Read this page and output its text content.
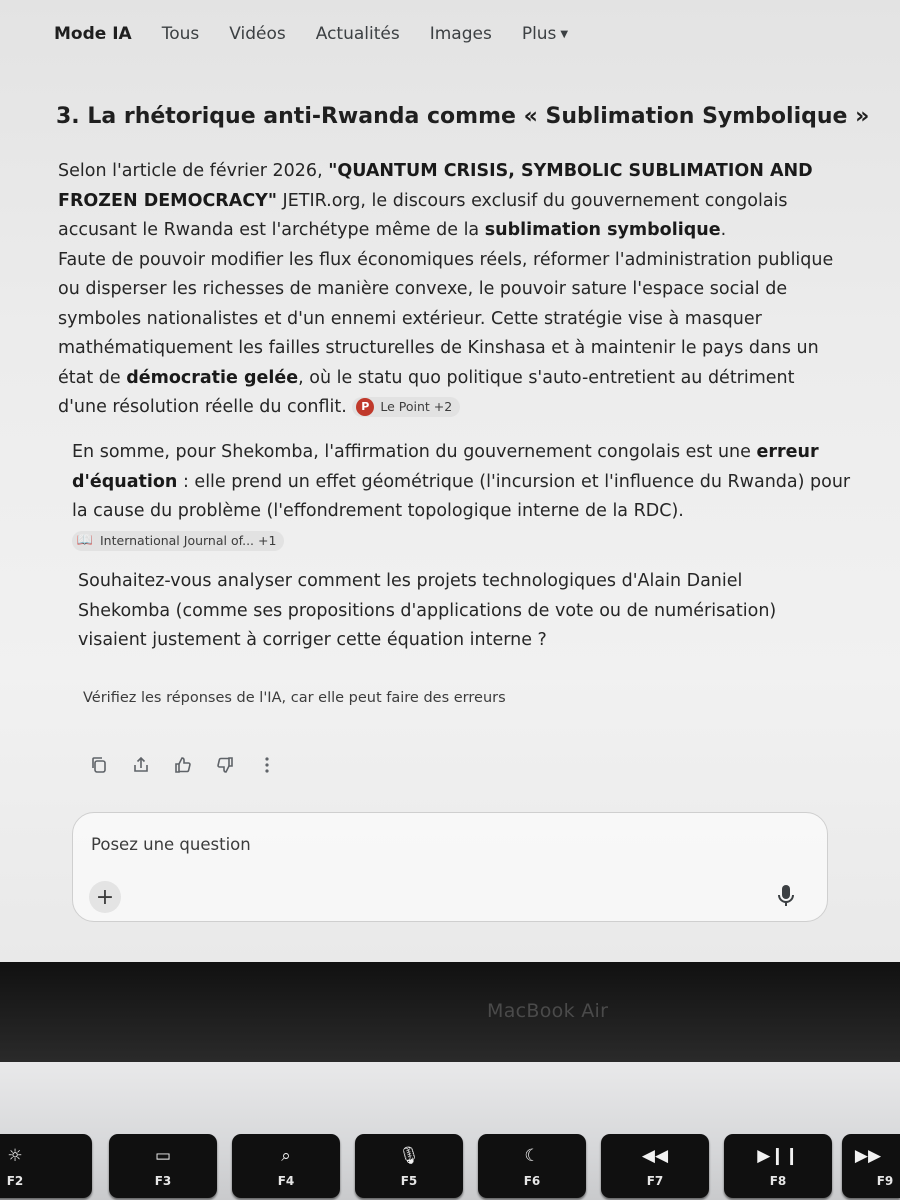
Mode IA	Tous	Vidéos	Actualités	Images	Plus ▼
3. La rhétorique anti-Rwanda comme « Sublimation Symbolique »

Selon l'article de février 2026, "QUANTUM CRISIS, SYMBOLIC SUBLIMATION AND FROZEN DEMOCRACY" JETIR.org, le discours exclusif du gouvernement congolais accusant le Rwanda est l'archétype même de la sublimation symbolique.
Faute de pouvoir modifier les flux économiques réels, réformer l'administration publique ou disperser les richesses de manière convexe, le pouvoir sature l'espace social de symboles nationalistes et d'un ennemi extérieur. Cette stratégie vise à masquer mathématiquement les failles structurelles de Kinshasa et à maintenir le pays dans un état de démocratie gelée, où le statu quo politique s'auto-entretient au détriment d'une résolution réelle du conflit. P Le Point +2

En somme, pour Shekomba, l'affirmation du gouvernement congolais est une erreur d'équation : elle prend un effet géométrique (l'incursion et l'influence du Rwanda) pour la cause du problème (l'effondrement topologique interne de la RDC).
📖 International Journal of... +1

Souhaitez-vous analyser comment les projets technologiques d'Alain Daniel Shekomba (comme ses propositions d'applications de vote ou de numérisation) visaient justement à corriger cette équation interne ?

Vérifiez les réponses de l'IA, car elle peut faire des erreurs
Posez une question
+
MacBook Air
☼
F2
▭
F3
⌕
F4
🎙
F5
☾
F6
◀◀
F7
▶❙❙
F8
▶▶
F9
